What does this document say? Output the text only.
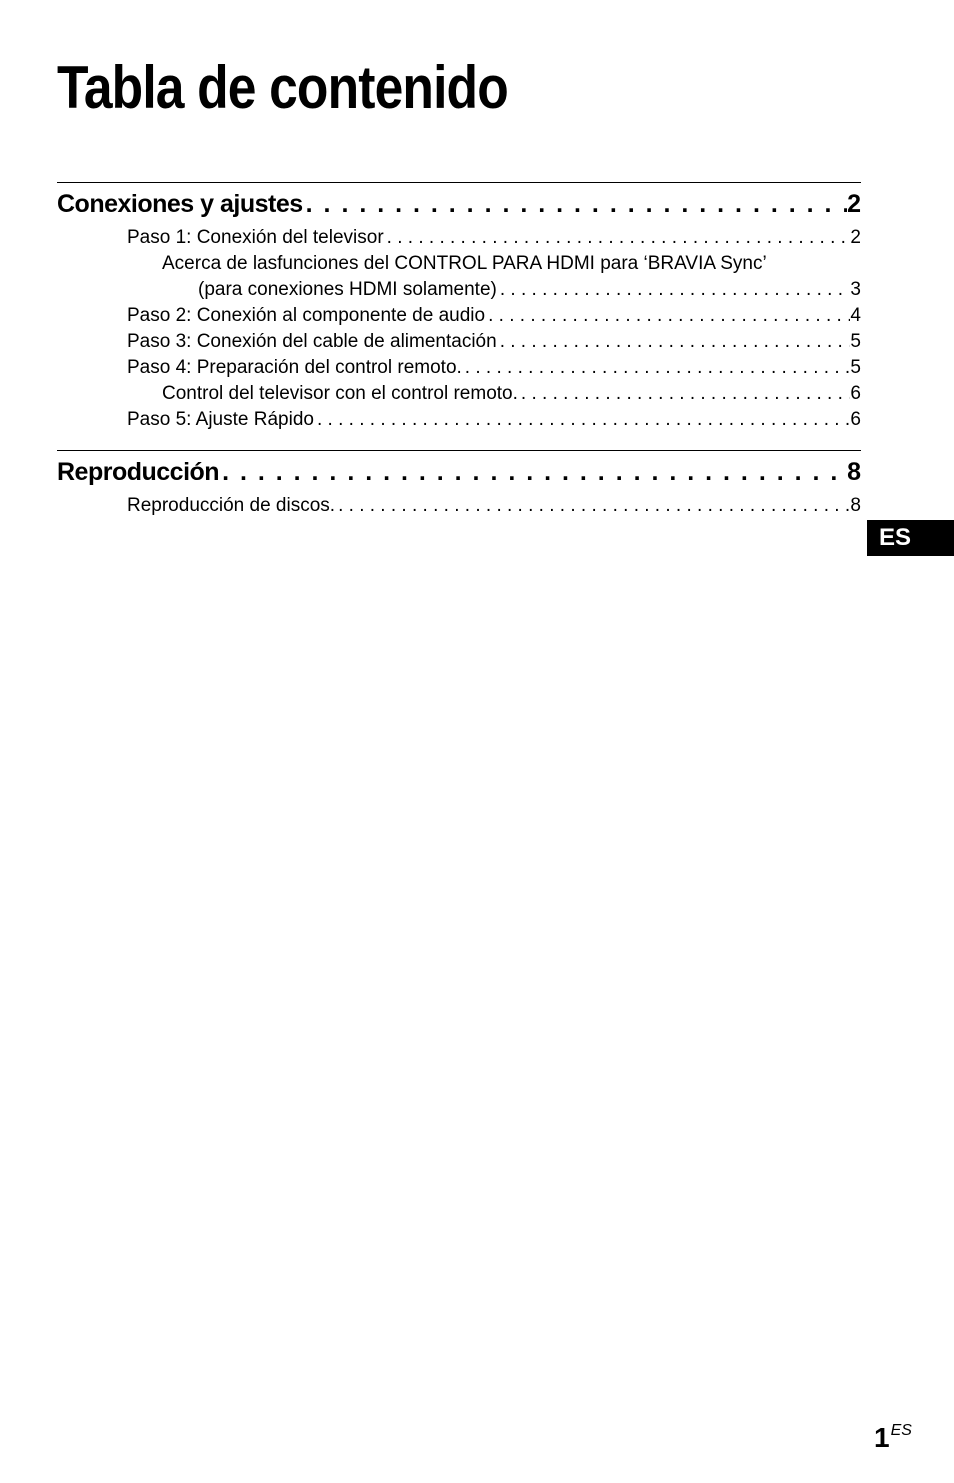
Tabla de contenido
Conexiones y ajustes . . .	2
Paso 1: Conexión del televisor . . .	2
Acerca de lasfunciones del CONTROL PARA HDMI para ‘BRAVIA Sync’
(para conexiones HDMI solamente) . . .	3
Paso 2: Conexión al componente de audio . . .	4
Paso 3: Conexión del cable de alimentación . . .	5
Paso 4: Preparación del control remoto. . . .	5
Control del televisor con el control remoto. . . .	6
Paso 5: Ajuste Rápido . . .	6
Reproducción . . .	8
Reproducción de discos. . . .	8
ES
1ES
